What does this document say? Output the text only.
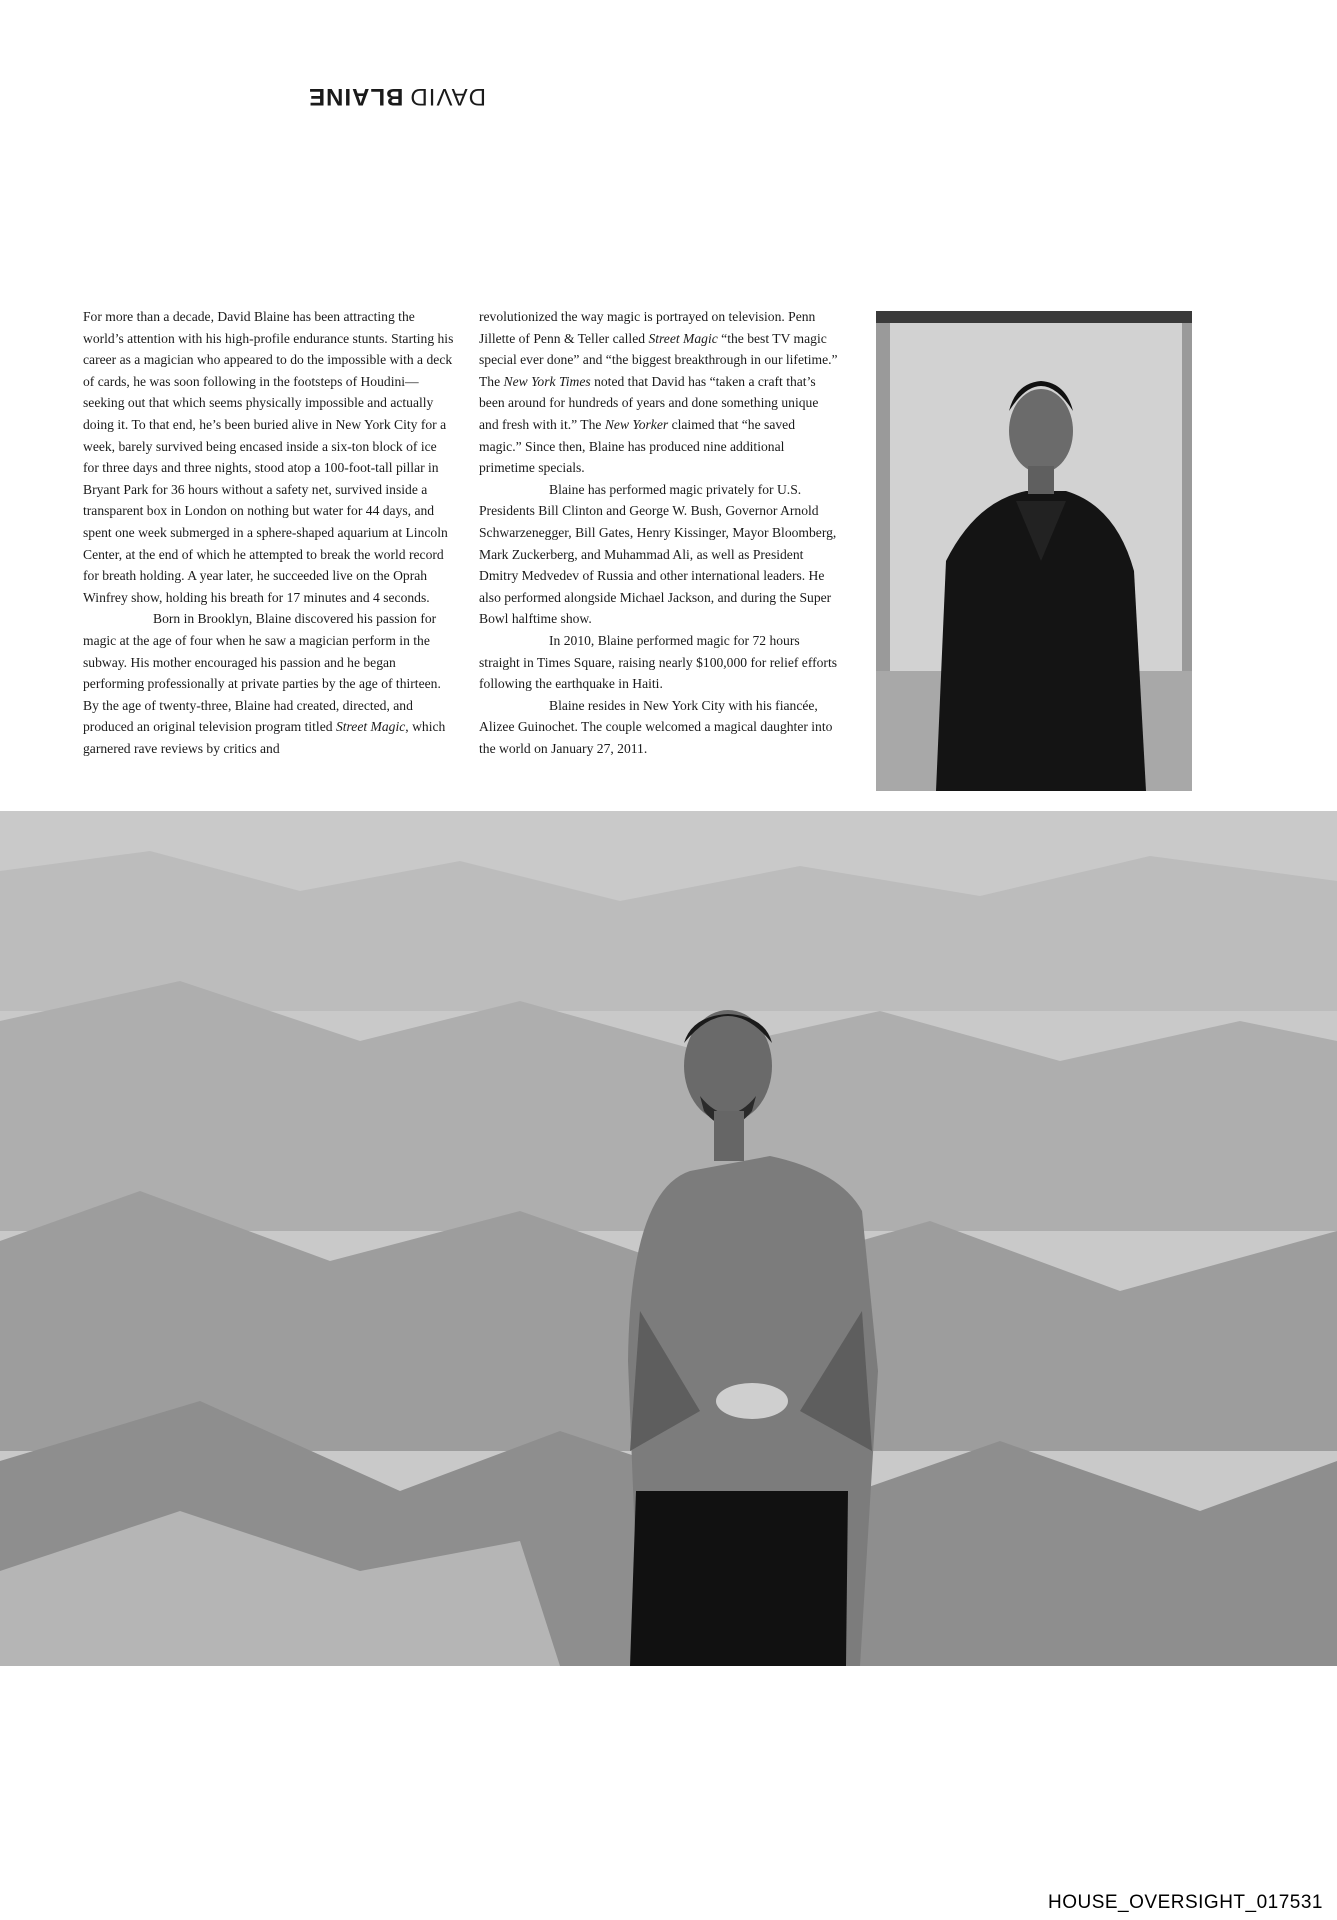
DAVIDBLAINE

For more than a decade, David Blaine has been attracting the world’s attention with his high-profile endurance stunts. Starting his career as a magician who appeared to do the impossible with a deck of cards, he was soon following in the footsteps of Houdini—seeking out that which seems physically impossible and actually doing it. To that end, he’s been buried alive in New York City for a week, barely survived being encased inside a six-ton block of ice for three days and three nights, stood atop a 100-foot-tall pillar in Bryant Park for 36 hours without a safety net, survived inside a transparent box in London on nothing but water for 44 days, and spent one week submerged in a sphere-shaped aquarium at Lincoln Center, at the end of which he attempted to break the world record for breath holding. A year later, he succeeded live on the Oprah Winfrey show, holding his breath for 17 minutes and 4 seconds.

Born in Brooklyn, Blaine discovered his passion for magic at the age of four when he saw a magician perform in the subway. His mother encouraged his passion and he began performing professionally at private parties by the age of thirteen. By the age of twenty-three, Blaine had created, directed, and produced an original television program titled Street Magic, which garnered rave reviews by critics and

revolutionized the way magic is portrayed on television. Penn Jillette of Penn & Teller called Street Magic “the best TV magic special ever done” and “the biggest breakthrough in our lifetime.” The New York Times noted that David has “taken a craft that’s been around for hundreds of years and done something unique and fresh with it.” The New Yorker claimed that “he saved magic.” Since then, Blaine has produced nine additional primetime specials.

Blaine has performed magic privately for U.S. Presidents Bill Clinton and George W. Bush, Governor Arnold Schwarzenegger, Bill Gates, Henry Kissinger, Mayor Bloomberg, Mark Zuckerberg, and Muhammad Ali, as well as President Dmitry Medvedev of Russia and other international leaders. He also performed alongside Michael Jackson, and during the Super Bowl halftime show.

In 2010, Blaine performed magic for 72 hours straight in Times Square, raising nearly $100,000 for relief efforts following the earthquake in Haiti.

Blaine resides in New York City with his fiancée, Alizee Guinochet. The couple welcomed a magical daughter into the world on January 27, 2011.

HOUSE_OVERSIGHT_017531
